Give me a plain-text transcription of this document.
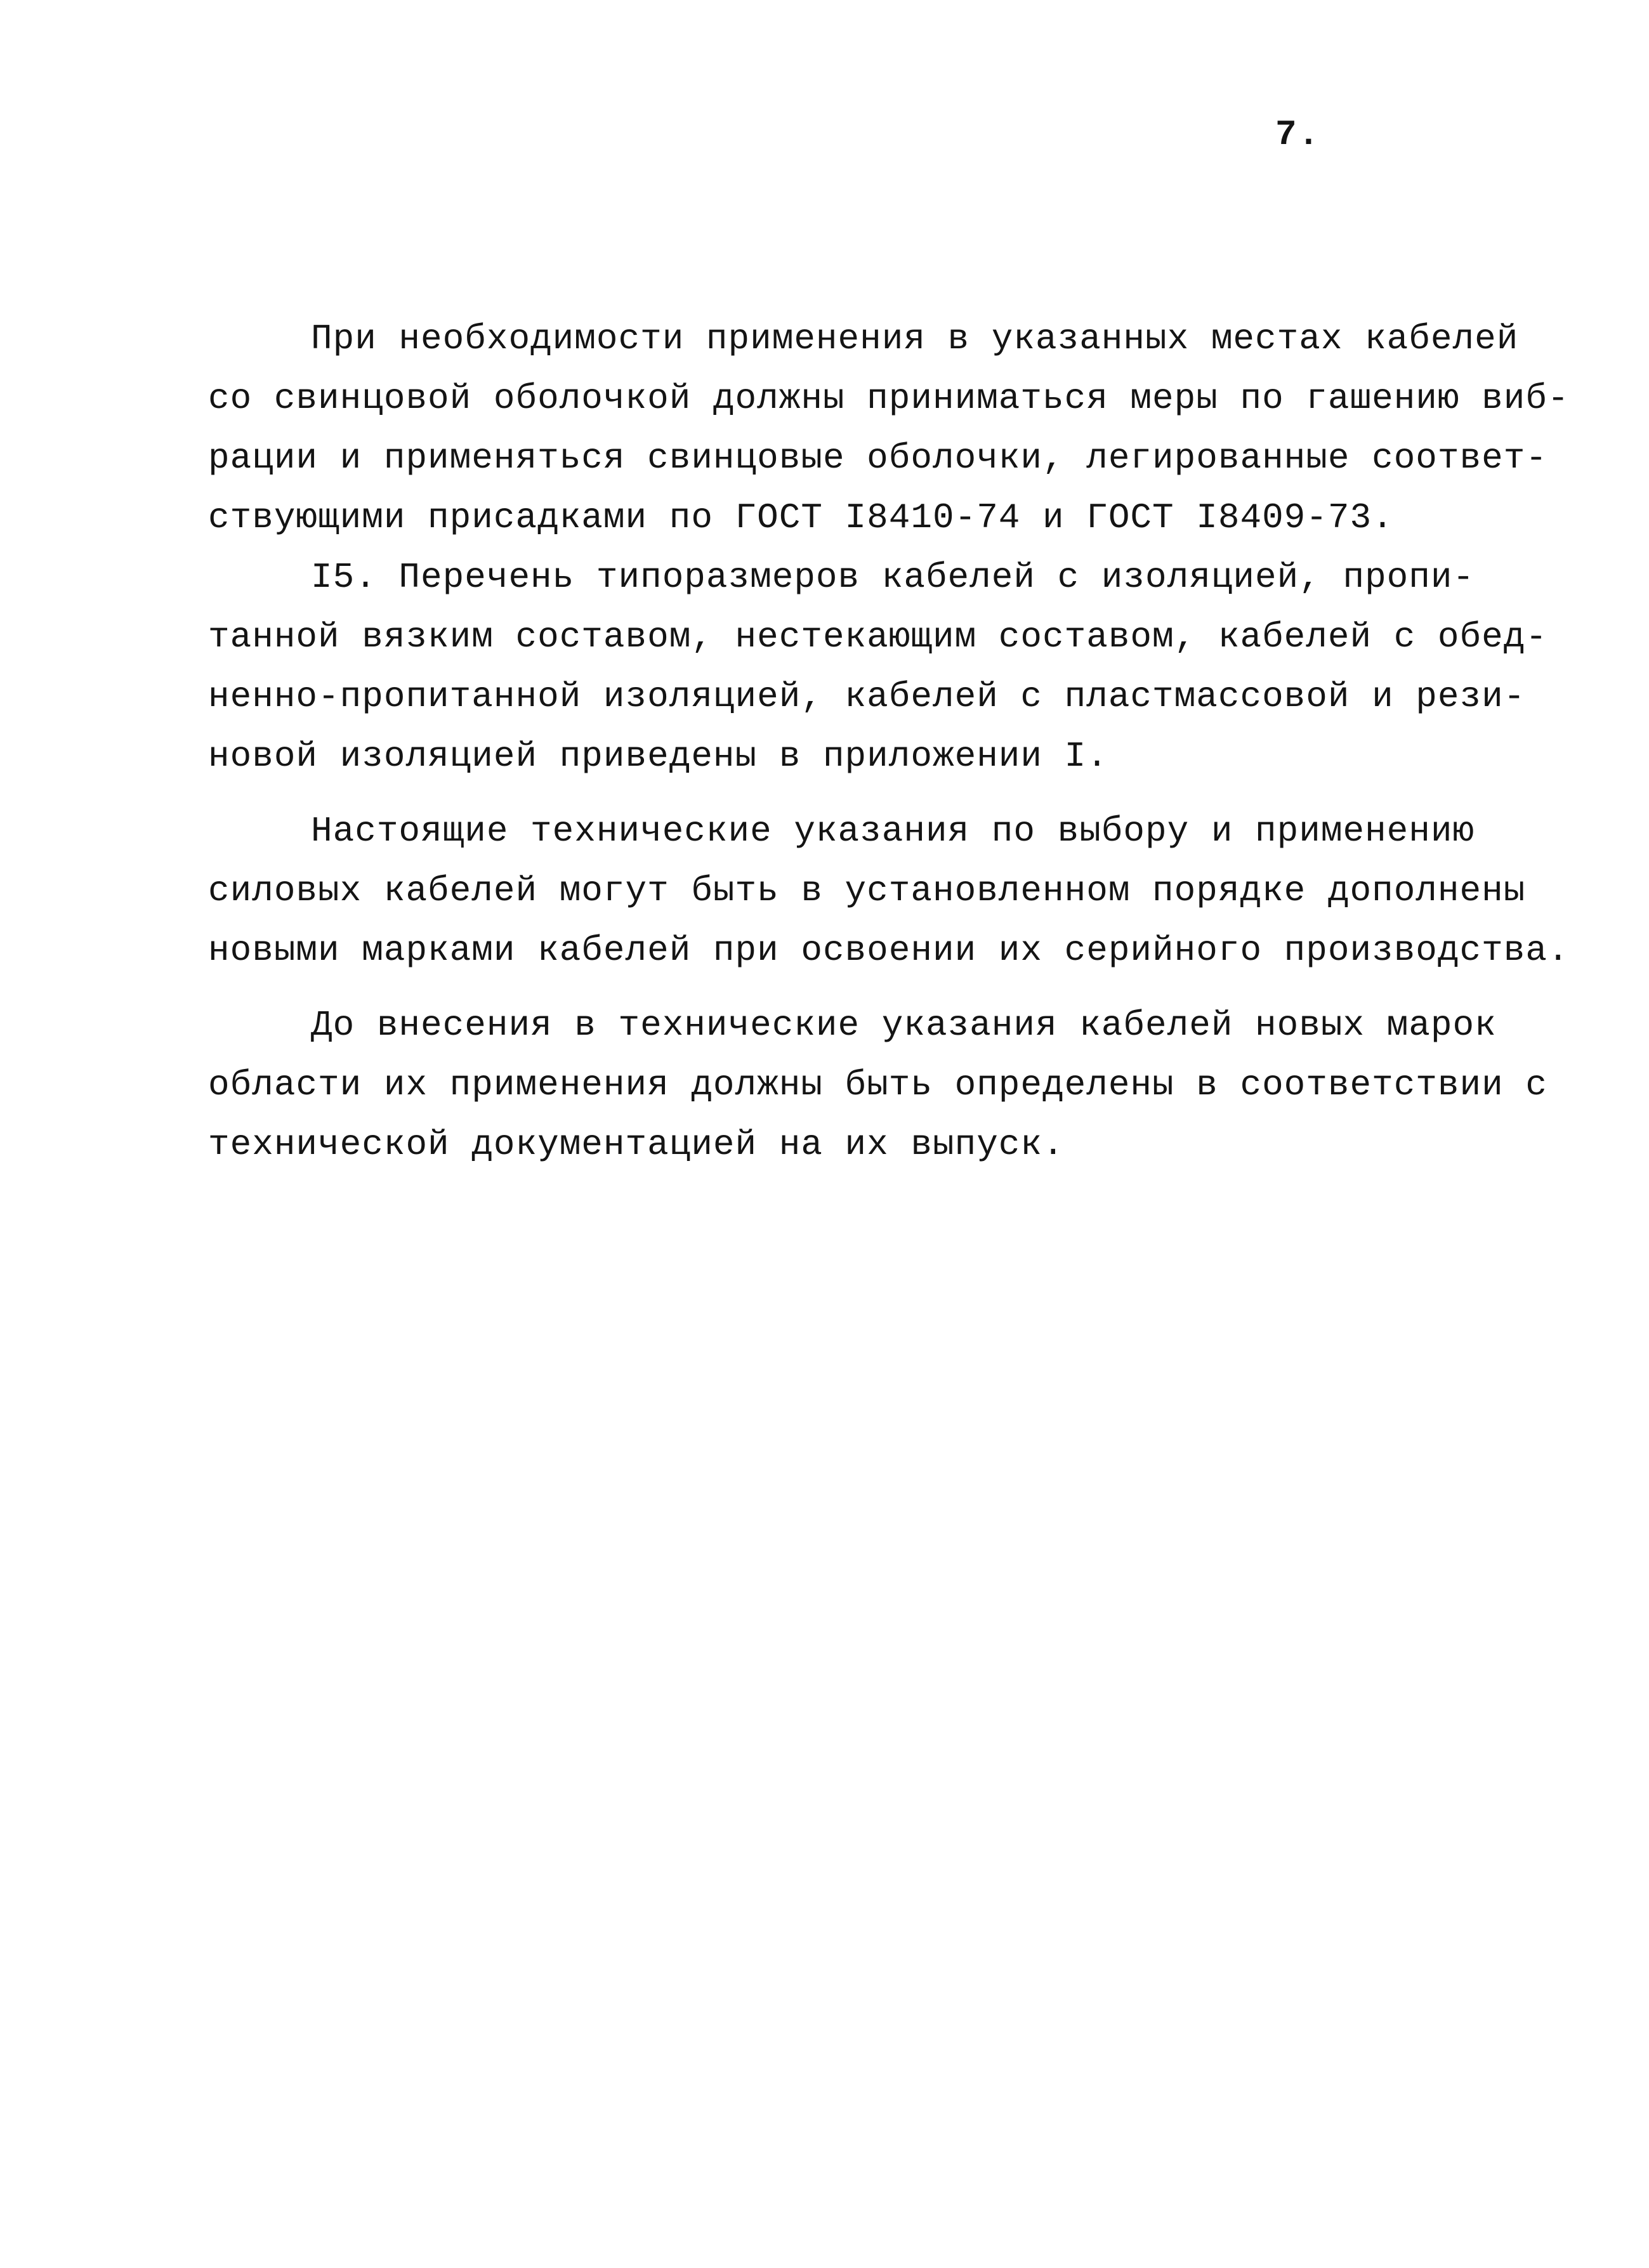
7.
При необходимости применения в указанных местах кабелей
со свинцовой оболочкой должны приниматься меры по гашению виб-
рации и применяться свинцовые оболочки, легированные соответ-
ствующими присадками по ГОСТ I8410-74 и ГОСТ I8409-73.
I5. Перечень типоразмеров кабелей с изоляцией, пропи-
танной вязким составом, нестекающим составом, кабелей с обед-
ненно-пропитанной изоляцией, кабелей с пластмассовой и рези-
новой изоляцией приведены в приложении I.
Настоящие технические указания по выбору и применению
силовых кабелей могут быть в установленном порядке дополнены
новыми марками кабелей при освоении их серийного производства.
До внесения в технические указания кабелей новых марок
области их применения должны быть определены в соответствии с
технической документацией на их выпуск.
